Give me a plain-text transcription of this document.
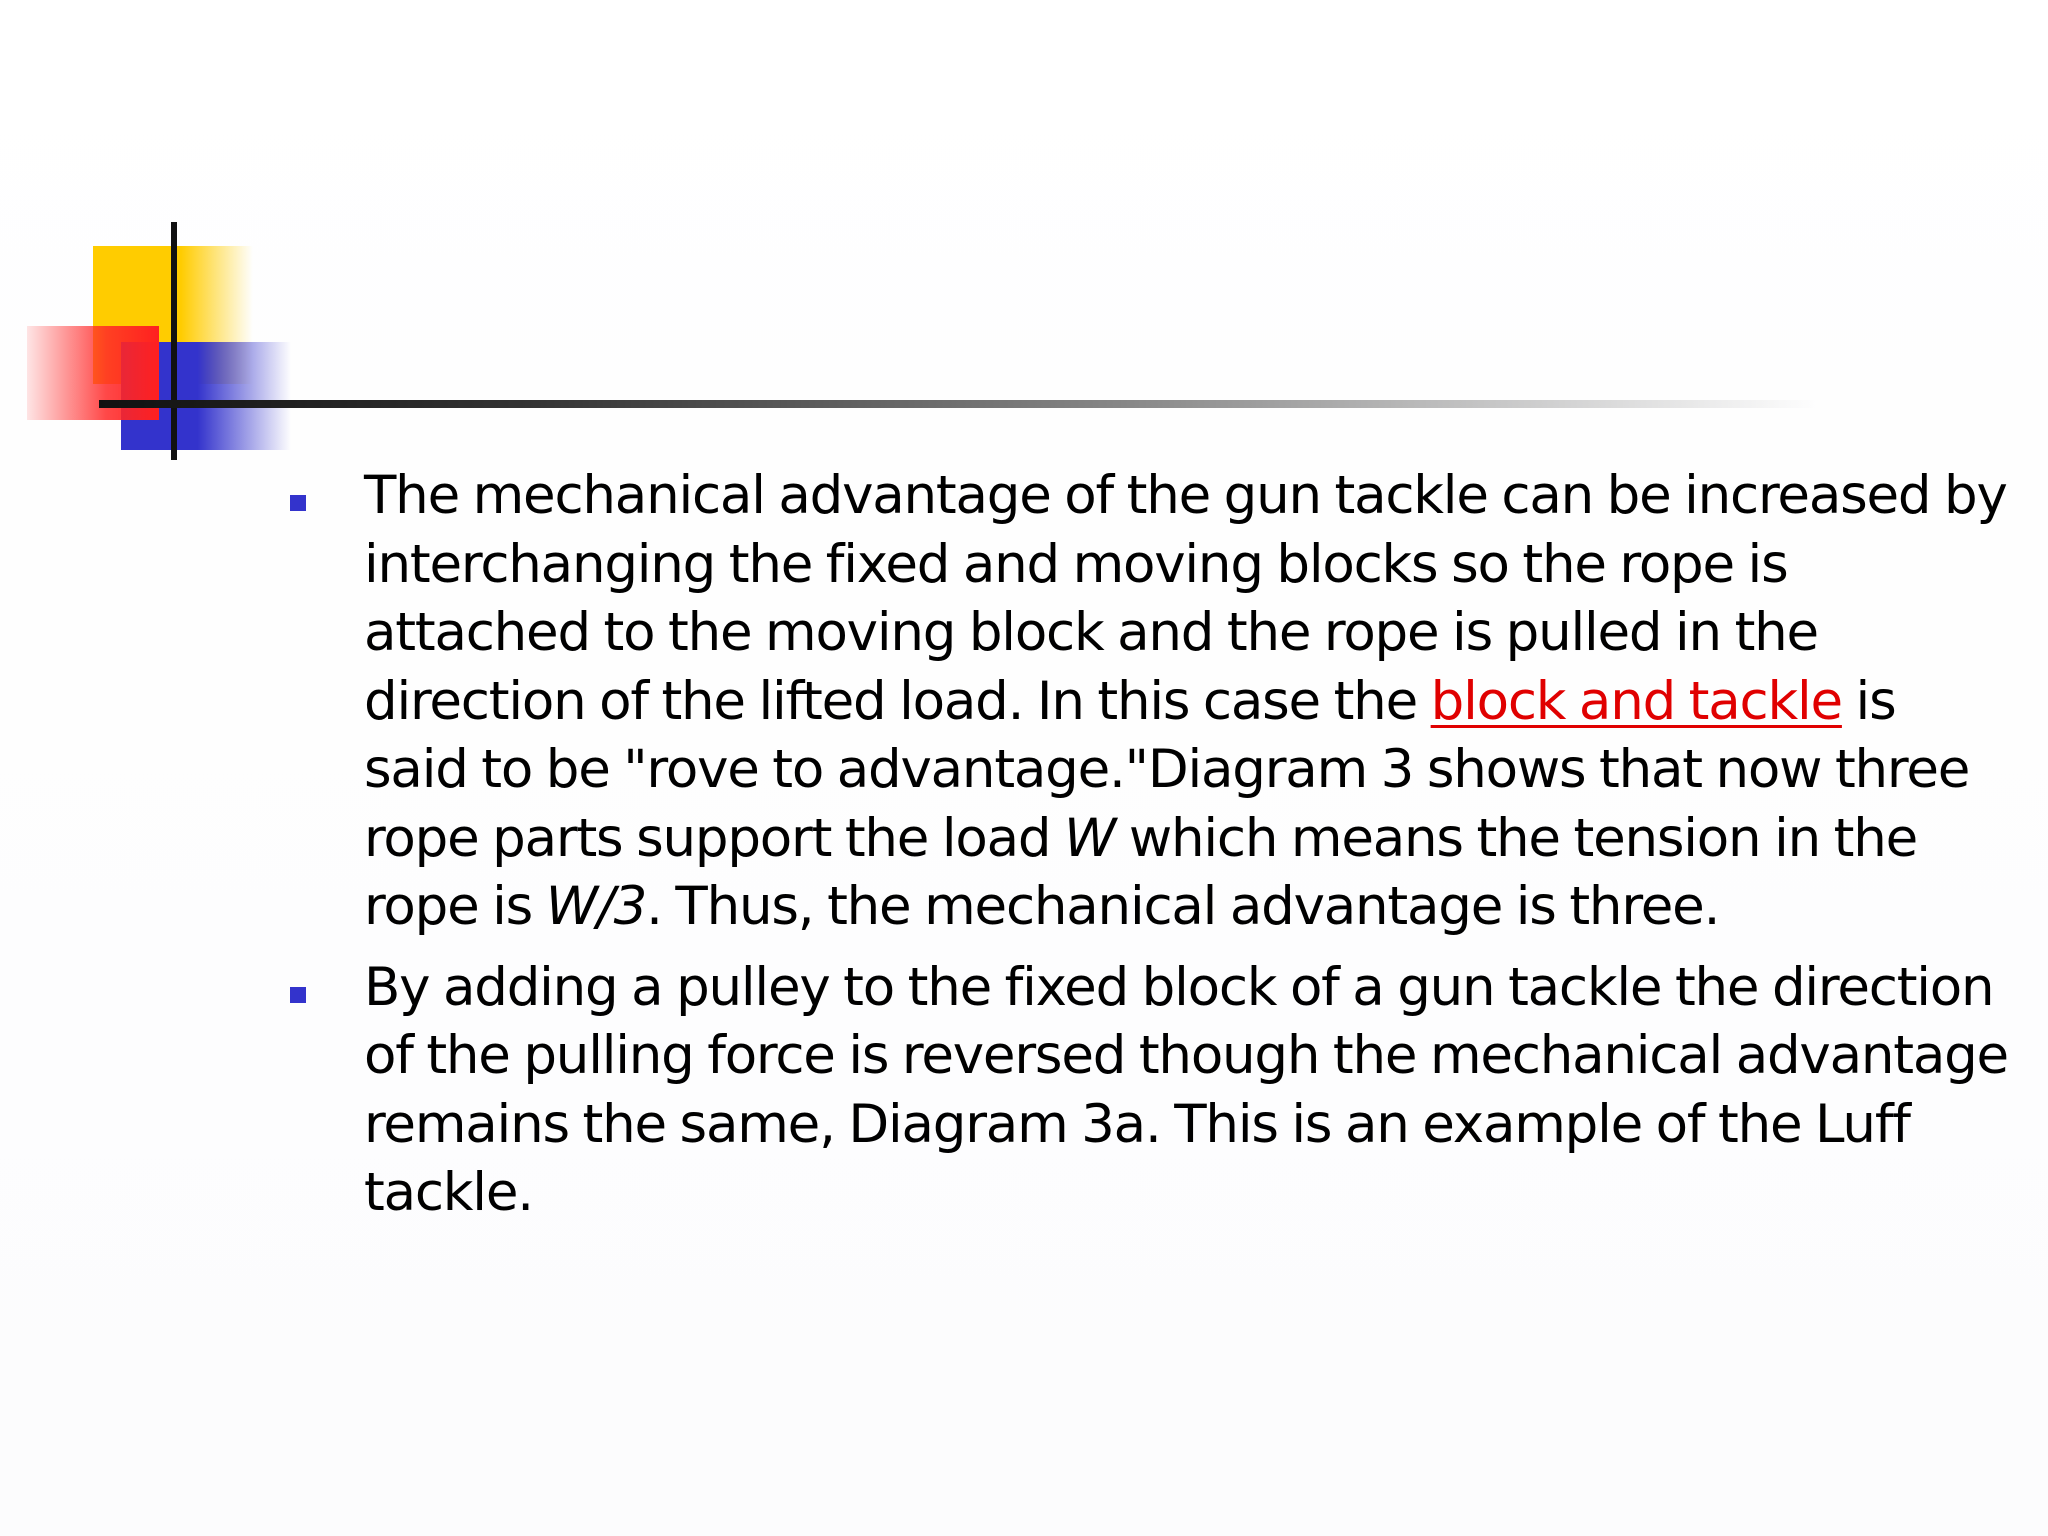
The mechanical advantage of the gun tackle can be increased by interchanging the fixed and moving blocks so the rope is attached to the moving block and the rope is pulled in the direction of the lifted load. In this case the block and tackle is said to be "rove to advantage."Diagram 3 shows that now three rope parts support the load W which means the tension in the rope is W/3. Thus, the mechanical advantage is three.
By adding a pulley to the fixed block of a gun tackle the direction of the pulling force is reversed though the mechanical advantage remains the same, Diagram 3a. This is an example of the Luff tackle.
